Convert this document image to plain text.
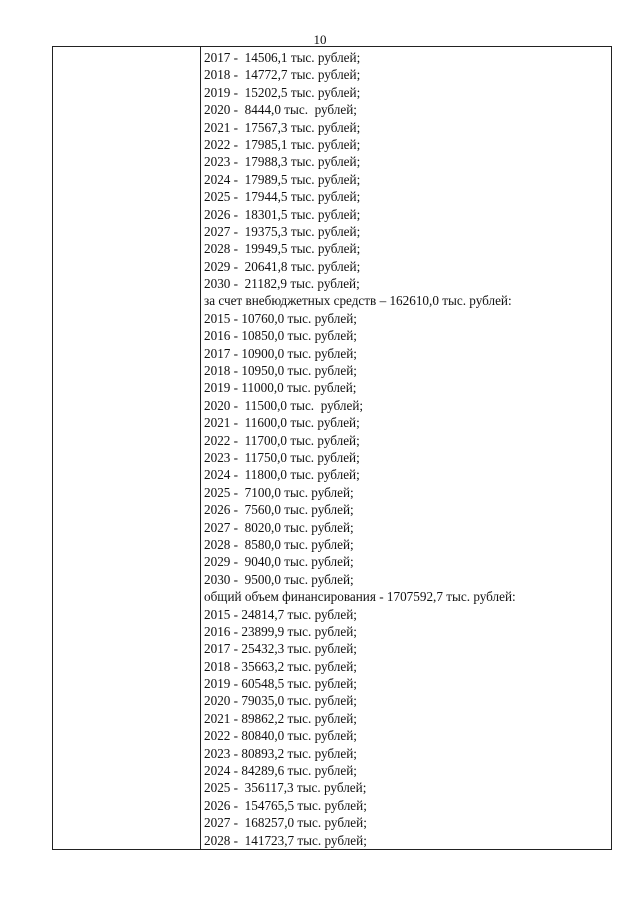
10
2017 -  14506,1 тыс. рублей;
2018 -  14772,7 тыс. рублей;
2019 -  15202,5 тыс. рублей;
2020 -  8444,0 тыс.  рублей;
2021 -  17567,3 тыс. рублей;
2022 -  17985,1 тыс. рублей;
2023 -  17988,3 тыс. рублей;
2024 -  17989,5 тыс. рублей;
2025 -  17944,5 тыс. рублей;
2026 -  18301,5 тыс. рублей;
2027 -  19375,3 тыс. рублей;
2028 -  19949,5 тыс. рублей;
2029 -  20641,8 тыс. рублей;
2030 -  21182,9 тыс. рублей;
за счет внебюджетных средств – 162610,0 тыс. рублей:
2015 - 10760,0 тыс. рублей;
2016 - 10850,0 тыс. рублей;
2017 - 10900,0 тыс. рублей;
2018 - 10950,0 тыс. рублей;
2019 - 11000,0 тыс. рублей;
2020 -  11500,0 тыс.  рублей;
2021 -  11600,0 тыс. рублей;
2022 -  11700,0 тыс. рублей;
2023 -  11750,0 тыс. рублей;
2024 -  11800,0 тыс. рублей;
2025 -  7100,0 тыс. рублей;
2026 -  7560,0 тыс. рублей;
2027 -  8020,0 тыс. рублей;
2028 -  8580,0 тыс. рублей;
2029 -  9040,0 тыс. рублей;
2030 -  9500,0 тыс. рублей;
общий объем финансирования - 1707592,7 тыс. рублей:
2015 - 24814,7 тыс. рублей;
2016 - 23899,9 тыс. рублей;
2017 - 25432,3 тыс. рублей;
2018 - 35663,2 тыс. рублей;
2019 - 60548,5 тыс. рублей;
2020 - 79035,0 тыс. рублей;
2021 - 89862,2 тыс. рублей;
2022 - 80840,0 тыс. рублей;
2023 - 80893,2 тыс. рублей;
2024 - 84289,6 тыс. рублей;
2025 -  356117,3 тыс. рублей;
2026 -  154765,5 тыс. рублей;
2027 -  168257,0 тыс. рублей;
2028 -  141723,7 тыс. рублей;
